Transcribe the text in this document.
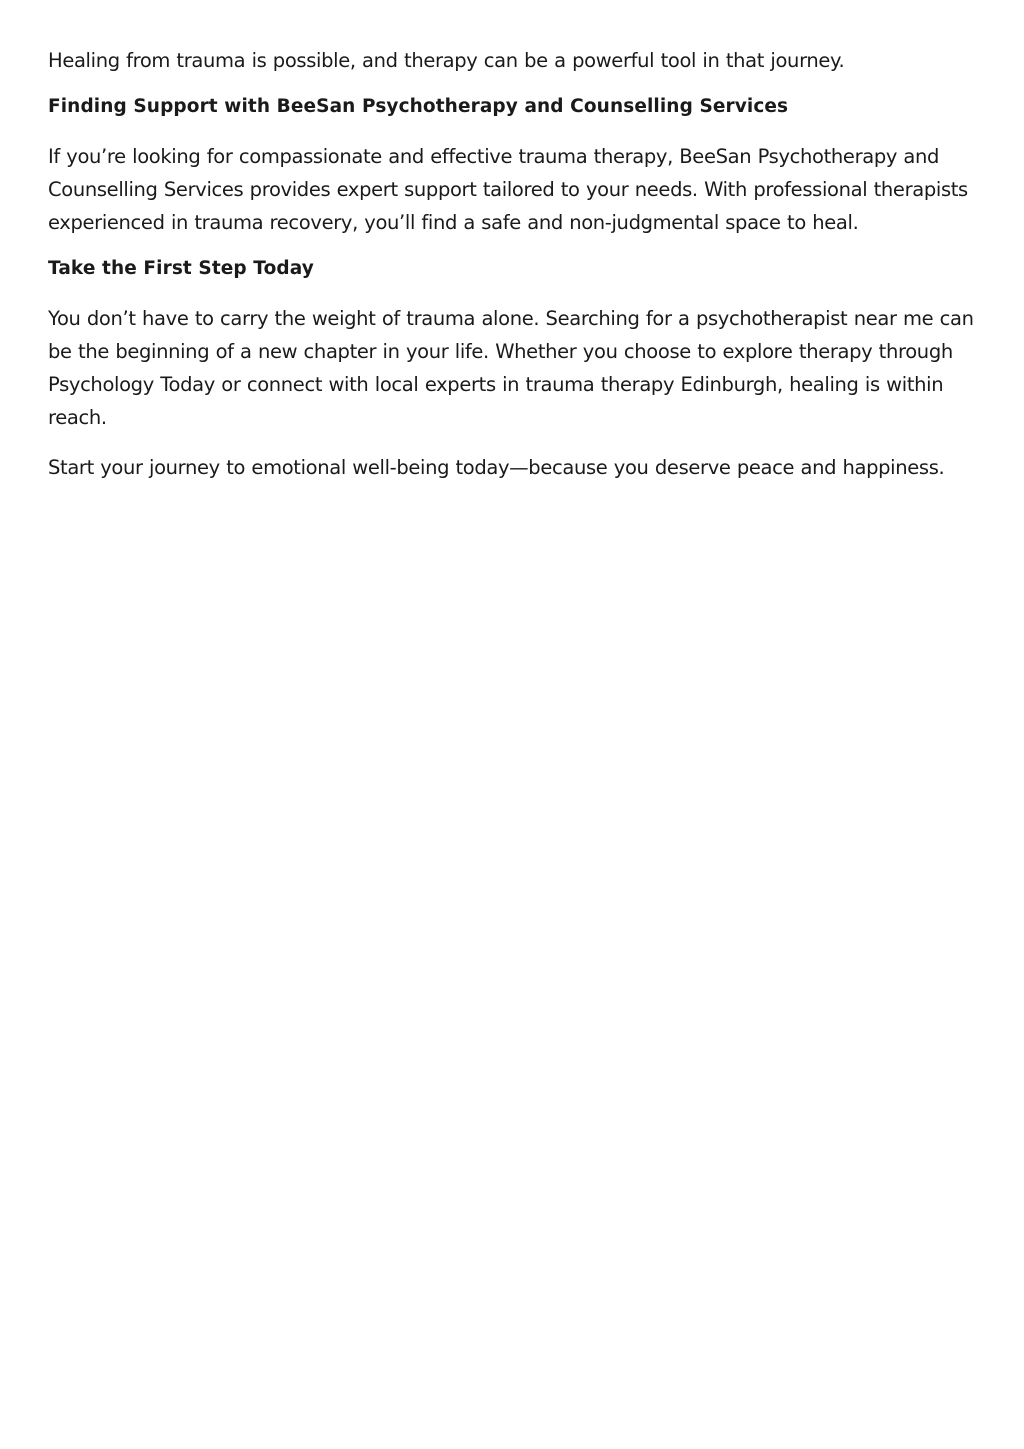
Healing from trauma is possible, and therapy can be a powerful tool in that journey.

Finding Support with BeeSan Psychotherapy and Counselling Services

If you’re looking for compassionate and effective trauma therapy, BeeSan Psychotherapy and Counselling Services provides expert support tailored to your needs. With professional therapists experienced in trauma recovery, you’ll find a safe and non-judgmental space to heal.

Take the First Step Today

You don’t have to carry the weight of trauma alone. Searching for a psychotherapist near me can be the beginning of a new chapter in your life. Whether you choose to explore therapy through Psychology Today or connect with local experts in trauma therapy Edinburgh, healing is within reach.

Start your journey to emotional well-being today—because you deserve peace and happiness.
